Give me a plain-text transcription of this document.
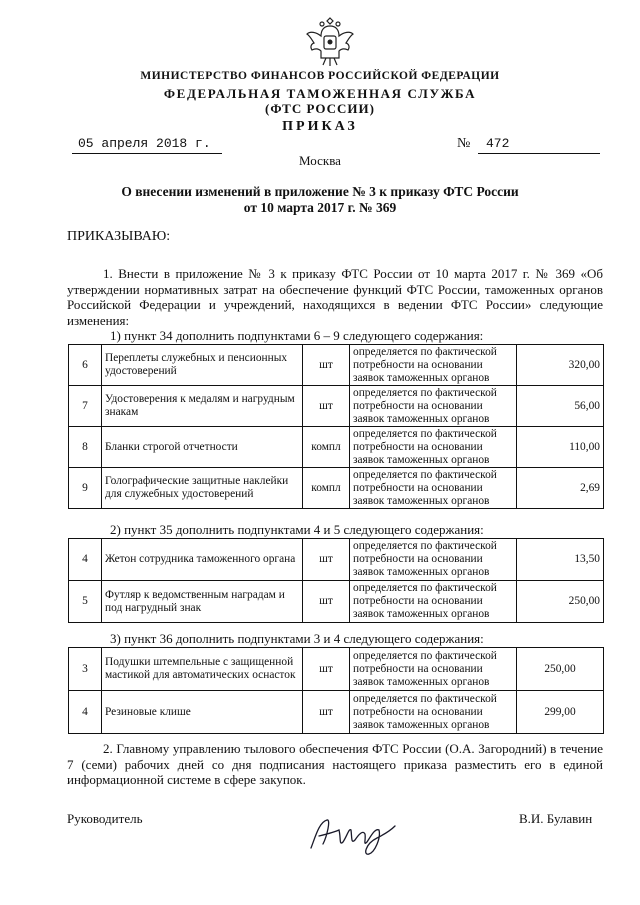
МИНИСТЕРСТВО ФИНАНСОВ РОССИЙСКОЙ ФЕДЕРАЦИИ
ФЕДЕРАЛЬНАЯ ТАМОЖЕННАЯ СЛУЖБА
(ФТС РОССИИ)
ПРИКАЗ
05 апреля 2018 г.	№ 472
Москва
О внесении изменений в приложение № 3 к приказу ФТС России
от 10 марта 2017 г. № 369
ПРИКАЗЫВАЮ:
1. Внести в приложение № 3 к приказу ФТС России от 10 марта 2017 г. № 369 «Об утверждении нормативных затрат на обеспечение функций ФТС России, таможенных органов Российской Федерации и учреждений, находящихся в ведении ФТС России» следующие изменения:
1) пункт 34 дополнить подпунктами 6 – 9 следующего содержания:
6	Переплеты служебных и пенсионных удостоверений	шт	определяется по фактической потребности на основании заявок таможенных органов	320,00
7	Удостоверения к медалям и нагрудным знакам	шт	определяется по фактической потребности на основании заявок таможенных органов	56,00
8	Бланки строгой отчетности	компл	определяется по фактической потребности на основании заявок таможенных органов	110,00
9	Голографические защитные наклейки для служебных удостоверений	компл	определяется по фактической потребности на основании заявок таможенных органов	2,69
2) пункт 35 дополнить подпунктами 4 и 5 следующего содержания:
4	Жетон сотрудника таможенного органа	шт	определяется по фактической потребности на основании заявок таможенных органов	13,50
5	Футляр к ведомственным наградам и под нагрудный знак	шт	определяется по фактической потребности на основании заявок таможенных органов	250,00
3) пункт 36 дополнить подпунктами 3 и 4 следующего содержания:
3	Подушки штемпельные с защищенной мастикой для автоматических оснасток	шт	определяется по фактической потребности на основании заявок таможенных органов	250,00
4	Резиновые клише	шт	определяется по фактической потребности на основании заявок таможенных органов	299,00
2. Главному управлению тылового обеспечения ФТС России (О.А. Загородний) в течение 7 (семи) рабочих дней со дня подписания настоящего приказа разместить его в единой информационной системе в сфере закупок.
Руководитель	В.И. Булавин
